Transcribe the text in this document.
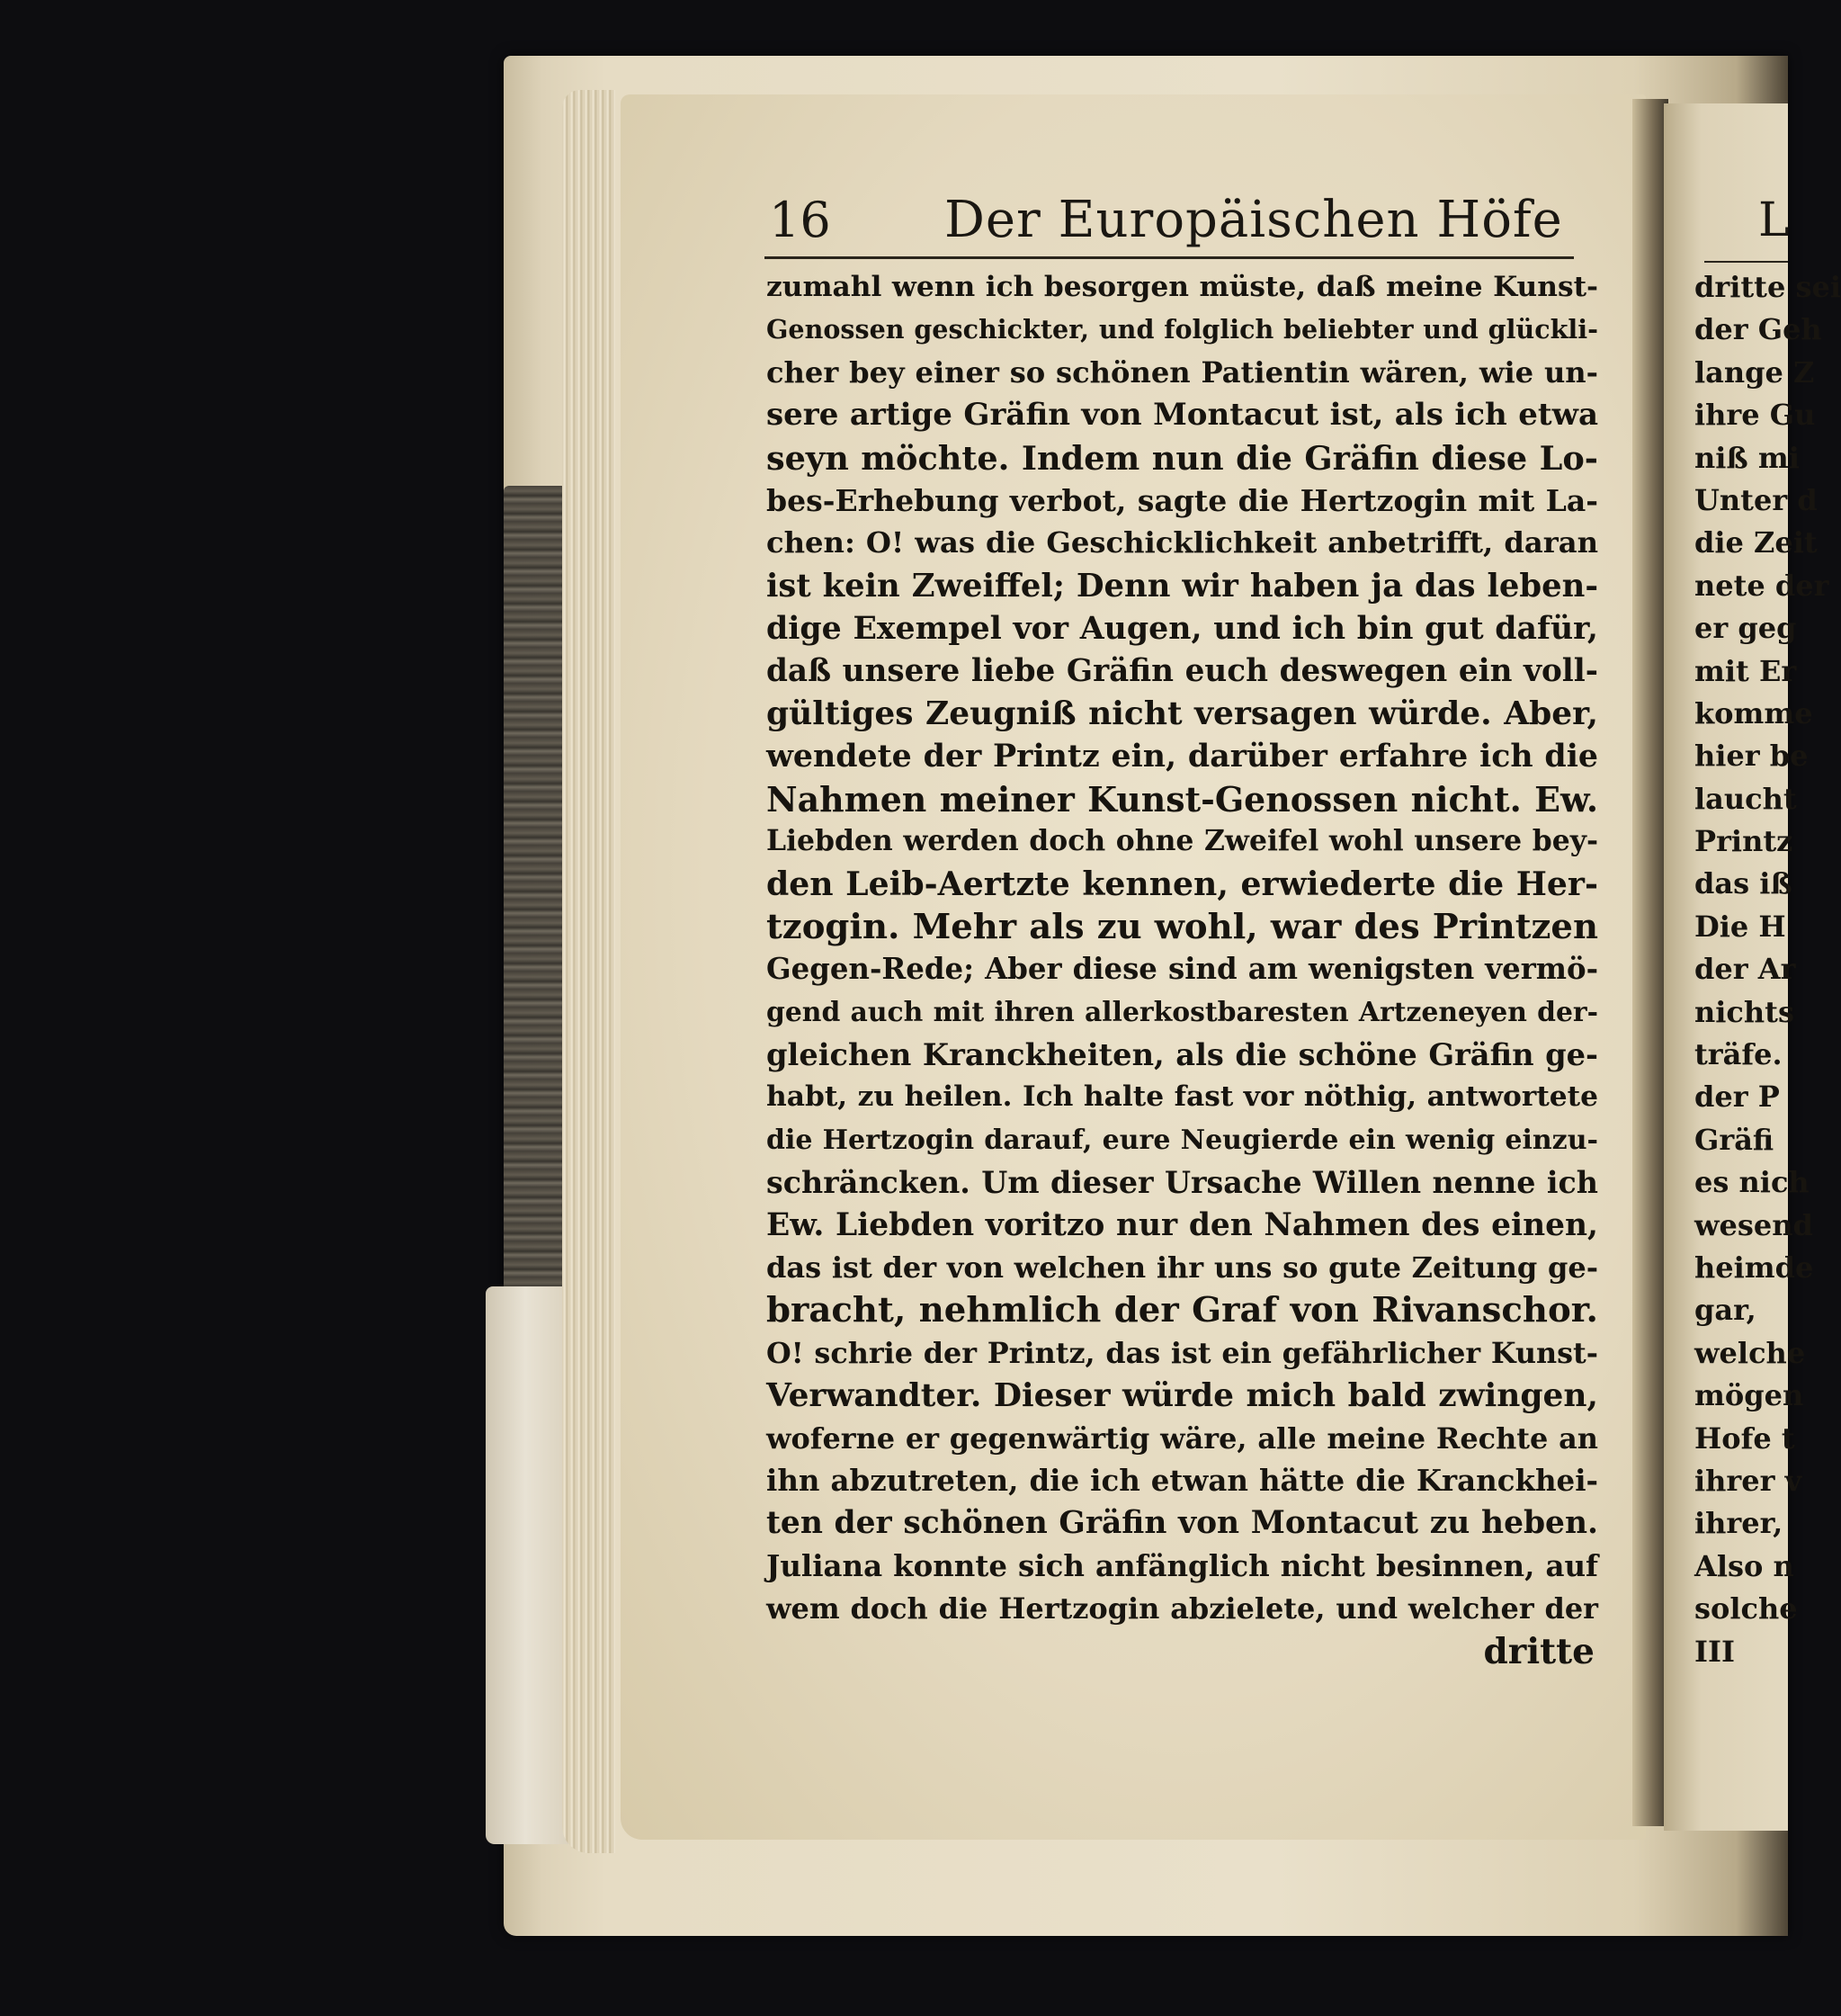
16 Der Europäischen Höfe
zumahl wenn ich besorgen müste, daß meine Kunst-
Genossen geschickter, und folglich beliebter und glückli-
cher bey einer so schönen Patientin wären, wie un-
sere artige Gräfin von Montacut ist, als ich etwa
seyn möchte. Indem nun die Gräfin diese Lo-
bes-Erhebung verbot, sagte die Hertzogin mit La-
chen: O! was die Geschicklichkeit anbetrifft, daran
ist kein Zweiffel; Denn wir haben ja das leben-
dige Exempel vor Augen, und ich bin gut dafür,
daß unsere liebe Gräfin euch deswegen ein voll-
gültiges Zeugniß nicht versagen würde. Aber,
wendete der Printz ein, darüber erfahre ich die
Nahmen meiner Kunst-Genossen nicht. Ew.
Liebden werden doch ohne Zweifel wohl unsere bey-
den Leib-Aertzte kennen, erwiederte die Her-
tzogin. Mehr als zu wohl, war des Printzen
Gegen-Rede; Aber diese sind am wenigsten vermö-
gend auch mit ihren allerkostbaresten Artzeneyen der-
gleichen Kranckheiten, als die schöne Gräfin ge-
habt, zu heilen. Ich halte fast vor nöthig, antwortete
die Hertzogin darauf, eure Neugierde ein wenig einzu-
schräncken. Um dieser Ursache Willen nenne ich
Ew. Liebden voritzo nur den Nahmen des einen,
das ist der von welchen ihr uns so gute Zeitung ge-
bracht, nehmlich der Graf von Rivanschor.
O! schrie der Printz, das ist ein gefährlicher Kunst-
Verwandter. Dieser würde mich bald zwingen,
woferne er gegenwärtig wäre, alle meine Rechte an
ihn abzutreten, die ich etwan hätte die Kranckhei-
ten der schönen Gräfin von Montacut zu heben.
Juliana konnte sich anfänglich nicht besinnen, auf
wem doch die Hertzogin abzielete, und welcher der
dritte
L
dritte sei
der Geh
lange Z
ihre Gu
niß mi
Unter d
die Zeit
nete der
er geg
mit Er
komme
hier be
laucht
Printz
das iß
Die H
der Ar
nichts
träfe.
der P
Gräfi
es nich
wesend
heimde
gar,
welche
mögen
Hofe t
ihrer v
ihrer,
Also n
solche
III
